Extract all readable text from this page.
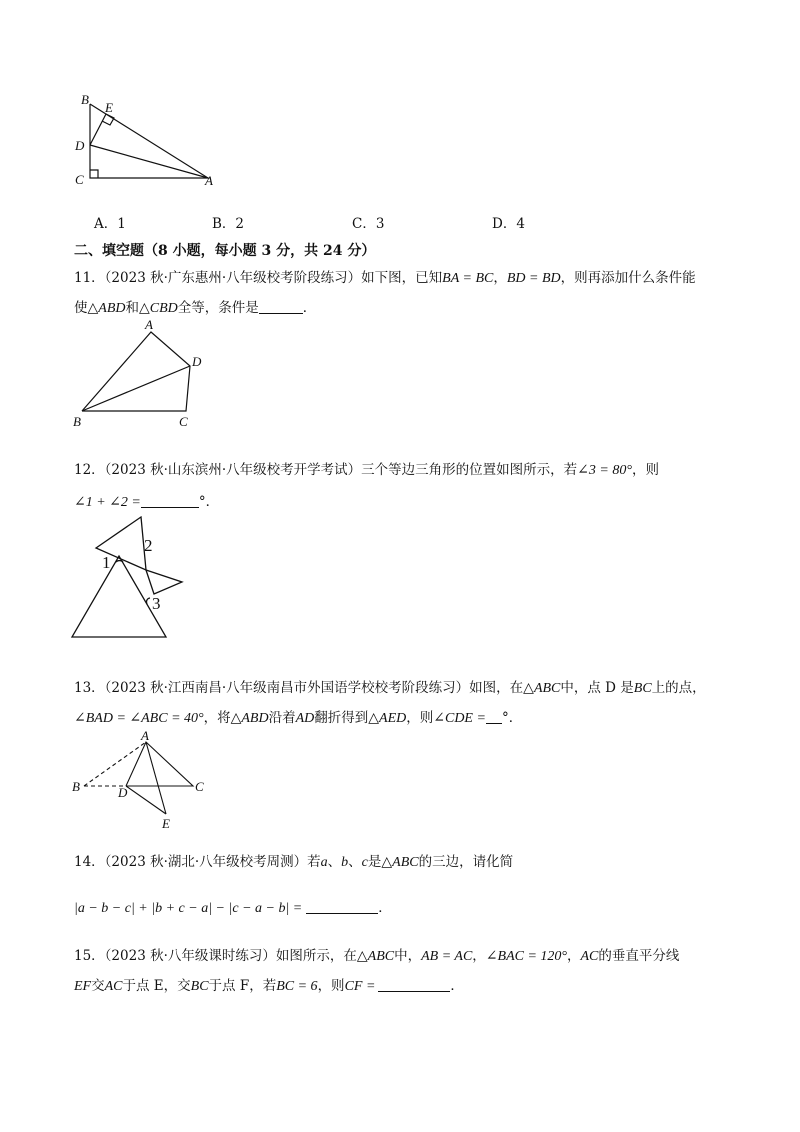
B
E
D
C	A
A．1	B．2	C．3	D．4
二、填空题（8 小题，每小题 3 分，共 24 分）
11．（2023 秋·广东惠州·八年级校考阶段练习）如下图，已知BA = BC，BD = BD，则再添加什么条件能
使△ABD和△CBD全等，条件是	．
A
D
B	C
12．（2023 秋·山东滨州·八年级校考开学考试）三个等边三角形的位置如图所示，若∠3 = 80°，则
∠1 + ∠2 =	°．
1
2
3
13．（2023 秋·江西南昌·八年级南昌市外国语学校校考阶段练习）如图，在△ABC中，点 D 是BC上的点，
∠BAD = ∠ABC = 40°，将△ABD沿着AD翻折得到△AED，则∠CDE = °．
A
B	D	C
E
14．（2023 秋·湖北·八年级校考周测）若a、b、c是△ABC的三边，请化简
|a − b − c| + |b + c − a| − |c − a − b| =	．
15．（2023 秋·八年级课时练习）如图所示，在△ABC中，AB = AC，∠BAC = 120°，AC的垂直平分线
EF交AC于点 E，交BC于点 F，若BC = 6，则CF =	．
